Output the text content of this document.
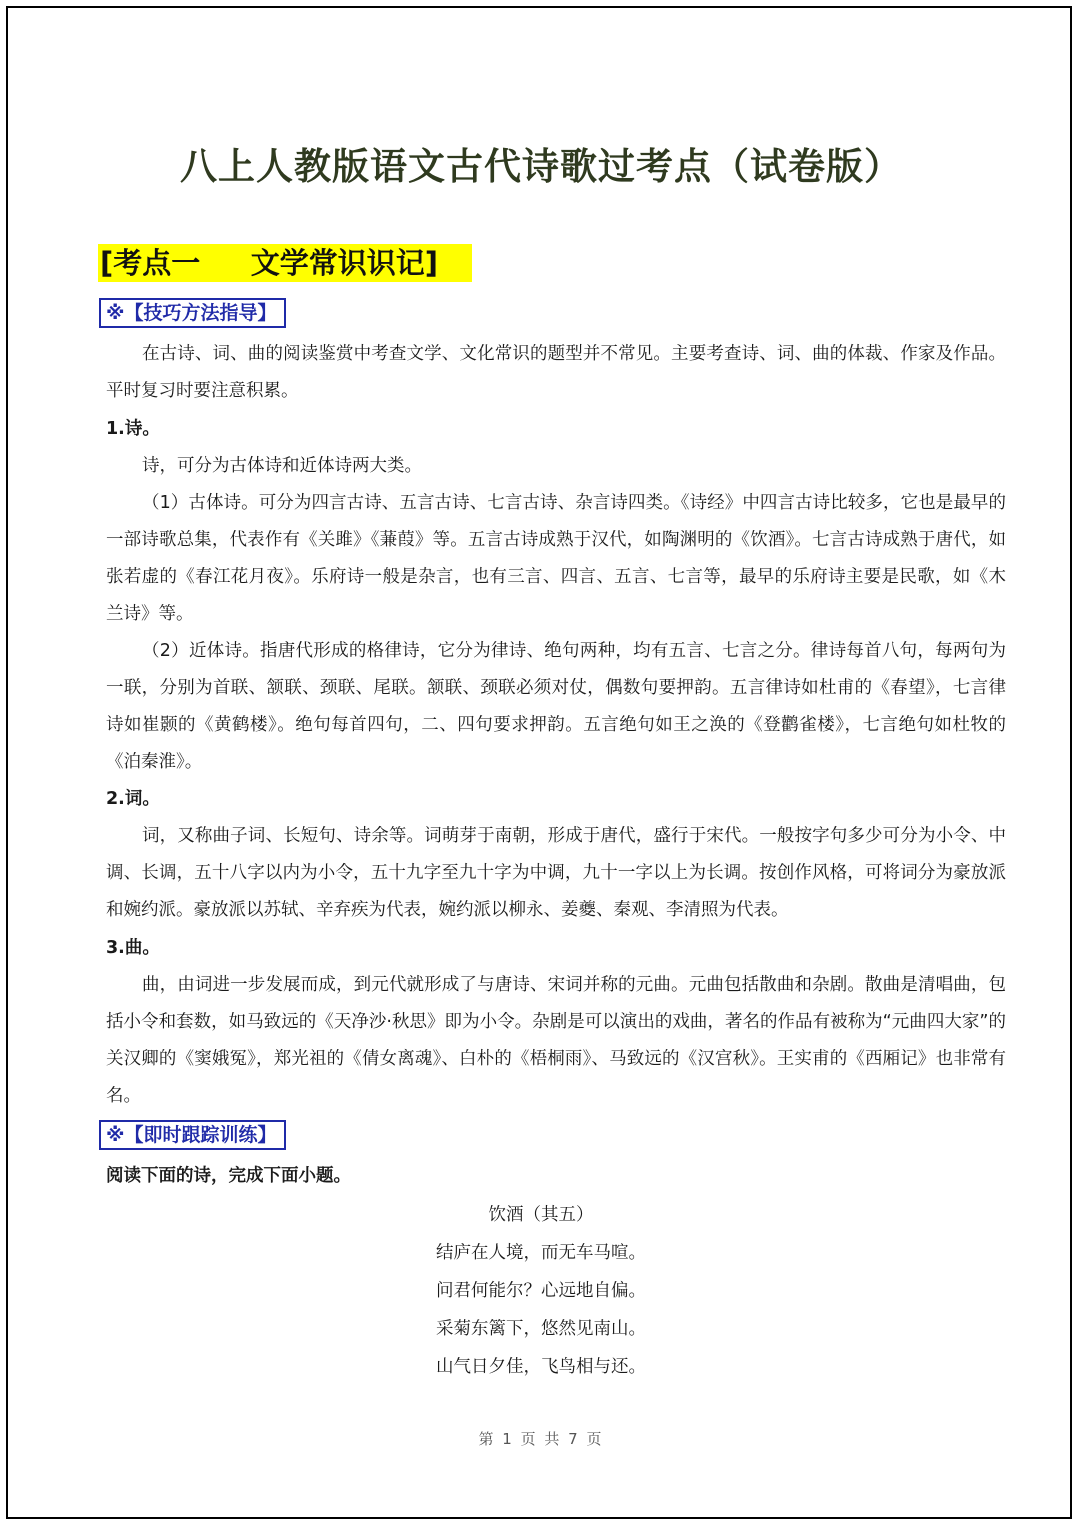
八上人教版语文古代诗歌过考点（试卷版）
[考点一     文学常识识记]
※【技巧方法指导】

在古诗、词、曲的阅读鉴赏中考查文学、文化常识的题型并不常见。主要考查诗、词、曲的体裁、作家及作品。平时复习时要注意积累。

1.诗。

诗，可分为古体诗和近体诗两大类。

（1）古体诗。可分为四言古诗、五言古诗、七言古诗、杂言诗四类。《诗经》中四言古诗比较多，它也是最早的一部诗歌总集，代表作有《关雎》《蒹葭》等。五言古诗成熟于汉代，如陶渊明的《饮酒》。七言古诗成熟于唐代，如张若虚的《春江花月夜》。乐府诗一般是杂言，也有三言、四言、五言、七言等，最早的乐府诗主要是民歌，如《木兰诗》等。

（2）近体诗。指唐代形成的格律诗，它分为律诗、绝句两种，均有五言、七言之分。律诗每首八句，每两句为一联，分别为首联、颔联、颈联、尾联。颔联、颈联必须对仗，偶数句要押韵。五言律诗如杜甫的《春望》，七言律诗如崔颢的《黄鹤楼》。绝句每首四句，二、四句要求押韵。五言绝句如王之涣的《登鹳雀楼》，七言绝句如杜牧的《泊秦淮》。

2.词。

词，又称曲子词、长短句、诗余等。词萌芽于南朝，形成于唐代，盛行于宋代。一般按字句多少可分为小令、中调、长调，五十八字以内为小令，五十九字至九十字为中调，九十一字以上为长调。按创作风格，可将词分为豪放派和婉约派。豪放派以苏轼、辛弃疾为代表，婉约派以柳永、姜夔、秦观、李清照为代表。

3.曲。

曲，由词进一步发展而成，到元代就形成了与唐诗、宋词并称的元曲。元曲包括散曲和杂剧。散曲是清唱曲，包括小令和套数，如马致远的《天净沙·秋思》即为小令。杂剧是可以演出的戏曲，著名的作品有被称为“元曲四大家”的关汉卿的《窦娥冤》，郑光祖的《倩女离魂》、白朴的《梧桐雨》、马致远的《汉宫秋》。王实甫的《西厢记》也非常有名。

※【即时跟踪训练】

阅读下面的诗，完成下面小题。

饮酒（其五）

结庐在人境，而无车马喧。

问君何能尔？心远地自偏。

采菊东篱下，悠然见南山。

山气日夕佳，飞鸟相与还。

第 1 页 共 7 页
